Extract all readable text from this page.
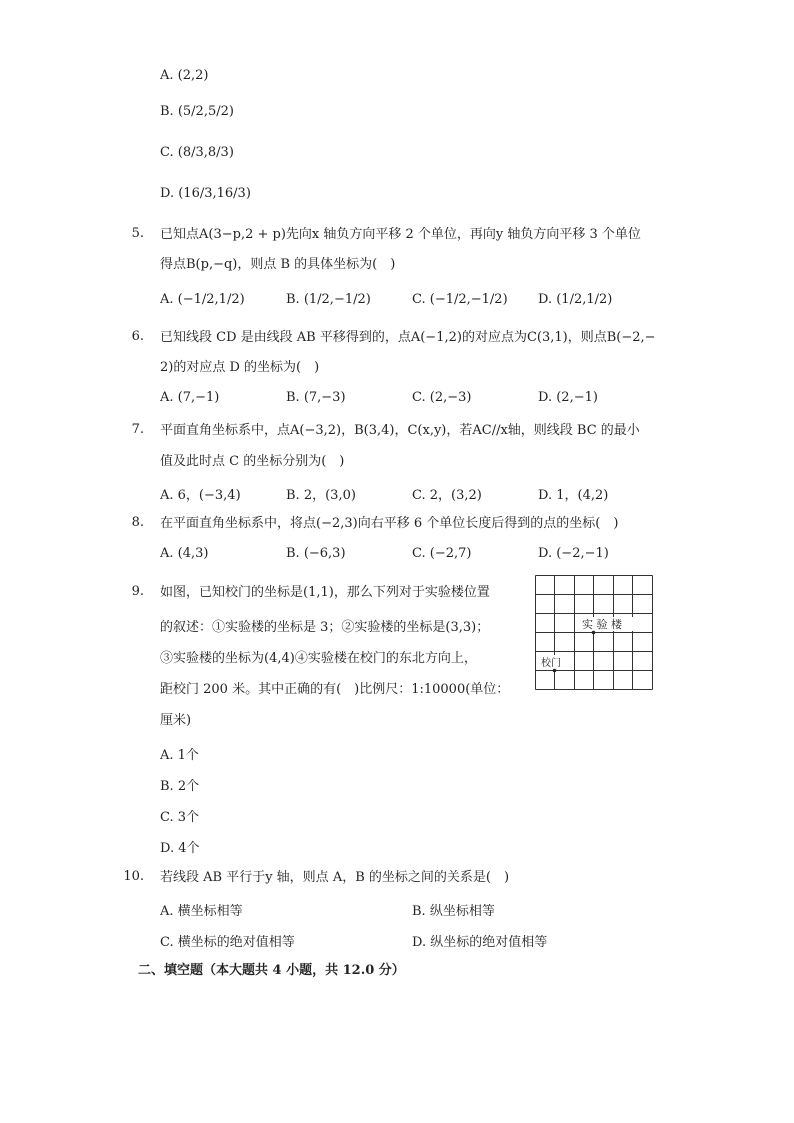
A. (2,2)
B. (5/2,5/2)
C. (8/3,8/3)
D. (16/3,16/3)
5. 已知点A(3−p,2 + p)先向x 轴负方向平移 2 个单位，再向y 轴负方向平移 3 个单位
得点B(p,−q)，则点 B 的具体坐标为(　)
A. (−1/2,1/2)	B. (1/2,−1/2)	C. (−1/2,−1/2) D. (1/2,1/2)
6. 已知线段 CD 是由线段 AB 平移得到的，点A(−1,2)的对应点为C(3,1)，则点B(−2,−
2)的对应点 D 的坐标为(　)
A. (7,−1)	B. (7,−3)	C. (2,−3)	D. (2,−1)
7. 平面直角坐标系中，点A(−3,2)，B(3,4)，C(x,y)，若AC//x轴，则线段 BC 的最小
值及此时点 C 的坐标分别为(　)
A. 6，(−3,4)	B. 2，(3,0)	C. 2，(3,2)	D. 1，(4,2)
8. 在平面直角坐标系中，将点(−2,3)向右平移 6 个单位长度后得到的点的坐标(　)
A. (4,3)	B. (−6,3)	C. (−2,7)	D. (−2,−1)
9. 如图，已知校门的坐标是(1,1)，那么下列对于实验楼位置
的叙述：①实验楼的坐标是 3；②实验楼的坐标是(3,3)；
③实验楼的坐标为(4,4)④实验楼在校门的东北方向上，
距校门 200 米。其中正确的有(　)比例尺：1:10000(单位：
厘米)
A. 1个
B. 2个
C. 3个
D. 4个
实 验 楼
校门
10. 若线段 AB 平行于y 轴，则点 A，B 的坐标之间的关系是(　)
A. 横坐标相等	B. 纵坐标相等
C. 横坐标的绝对值相等	D. 纵坐标的绝对值相等
二、填空题（本大题共 4 小题，共 12.0 分）
